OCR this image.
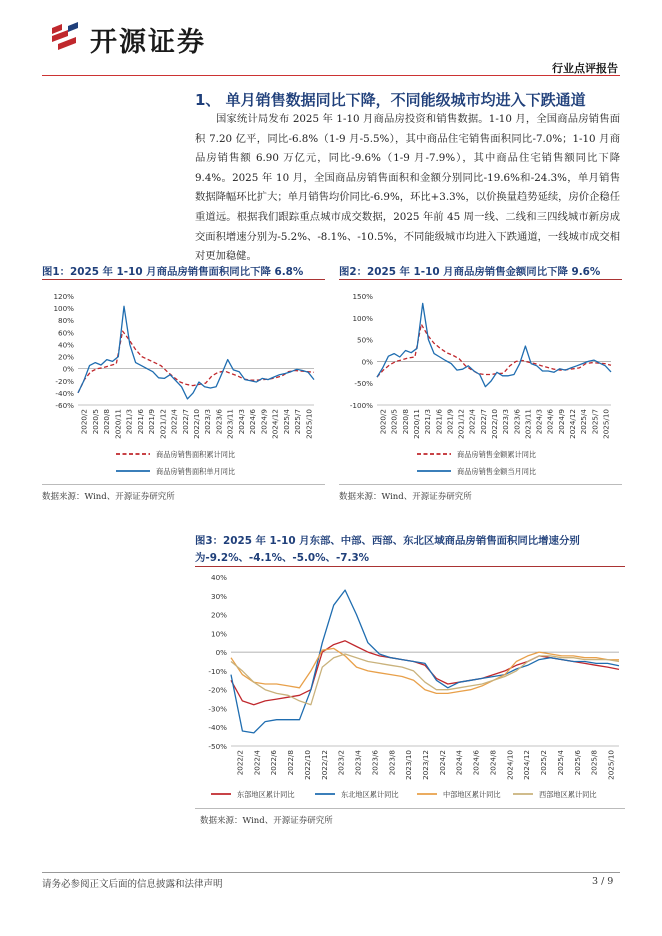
开源证券
行业点评报告
1、 单月销售数据同比下降，不同能级城市均进入下跌通道
国家统计局发布 2025 年 1-10 月商品房投资和销售数据。1-10 月，全国商品房销售面积 7.20 亿平，同比-6.8%（1-9 月-5.5%），其中商品住宅销售面积同比-7.0%；1-10 月商品房销售额 6.90 万亿元，同比-9.6%（1-9 月-7.9%），其中商品住宅销售额同比下降 9.4%。2025 年 10 月，全国商品房销售面积和金额分别同比-19.6%和-24.3%，单月销售数据降幅环比扩大；单月销售均价同比-6.9%，环比+3.3%，以价换量趋势延续，房价企稳任重道远。根据我们跟踪重点城市成交数据，2025 年前 45 周一线、二线和三四线城市新房成交面积增速分别为-5.2%、-8.1%、-10.5%，不同能级城市均进入下跌通道，一线城市成交相对更加稳健。
图1：2025 年 1-10 月商品房销售面积同比下降 6.8%
120%
100%
80%
60%
40%
20%
0%
-20%
-40%
-60%
2020/2 2020/5 2020/8 2020/11 2021/3 2021/6 2021/9 2021/12 2022/4 2022/7 2022/10 2023/3 2023/6 2023/11 2024/3 2024/6 2024/9 2024/12 2025/4 2025/7 2025/10
商品房销售面积累计同比
商品房销售面积单月同比
数据来源：Wind、开源证券研究所
图2：2025 年 1-10 月商品房销售金额同比下降 9.6%
150%
100%
50%
0%
-50%
-100%
2020/2 2020/5 2020/8 2020/11 2021/3 2021/6 2021/9 2021/12 2022/4 2022/7 2022/10 2023/3 2023/6 2023/11 2024/3 2024/6 2024/9 2024/12 2025/4 2025/7 2025/10
商品房销售金额累计同比
商品房销售金额当月同比
数据来源：Wind、开源证券研究所
图3：2025 年 1-10 月东部、中部、西部、东北区域商品房销售面积同比增速分别为-9.2%、-4.1%、-5.0%、-7.3%
40%
30%
20%
10%
0%
-10%
-20%
-30%
-40%
-50%
2022/2 2022/4 2022/6 2022/8 2022/10 2022/12 2023/2 2023/4 2023/6 2023/8 2023/10 2023/12 2024/2 2024/4 2024/6 2024/8 2024/10 2024/12 2025/2 2025/4 2025/6 2025/8 2025/10
东部地区累计同比	东北地区累计同比	中部地区累计同比	西部地区累计同比
数据来源：Wind、开源证券研究所
请务必参阅正文后面的信息披露和法律声明	3 / 9
